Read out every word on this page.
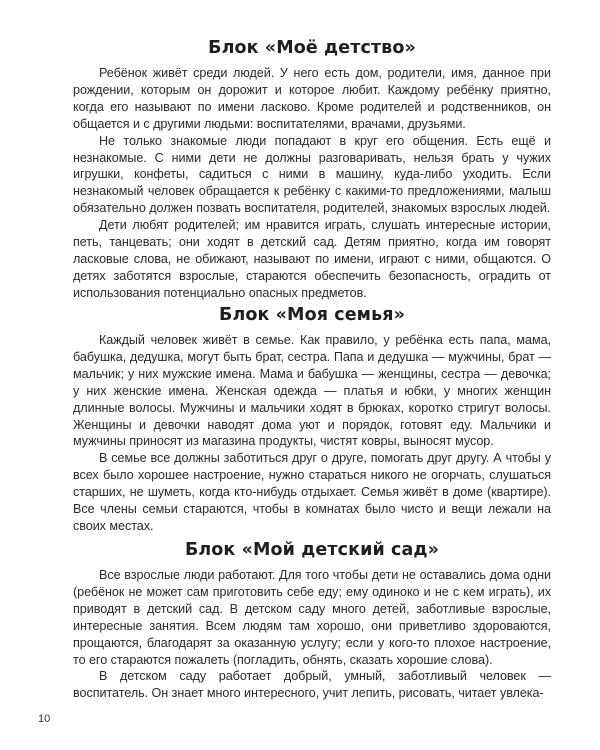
Блок «Моё детство»

Ребёнок живёт среди людей. У него есть дом, родители, имя, данное при рождении, которым он дорожит и которое любит. Каждому ребёнку приятно, когда его называют по имени ласково. Кроме родителей и родственников, он общается и с другими людьми: воспитателями, врачами, друзьями.

Не только знакомые люди попадают в круг его общения. Есть ещё и незнакомые. С ними дети не должны разговаривать, нельзя брать у чужих игрушки, конфеты, садиться с ними в машину, куда-либо уходить. Если незнакомый человек обращается к ребёнку с какими-то предложениями, малыш обязательно должен позвать воспитателя, родителей, знакомых взрослых людей.

Дети любят родителей; им нравится играть, слушать интересные истории, петь, танцевать; они ходят в детский сад. Детям приятно, когда им говорят ласковые слова, не обижают, называют по имени, играют с ними, общаются. О детях заботятся взрослые, стараются обеспечить безопасность, оградить от использования потенциально опасных предметов.

Блок «Моя семья»

Каждый человек живёт в семье. Как правило, у ребёнка есть папа, мама, бабушка, дедушка, могут быть брат, сестра. Папа и дедушка — мужчины, брат — мальчик; у них мужские имена. Мама и бабушка — женщины, сестра — девочка; у них женские имена. Женская одежда — платья и юбки, у многих женщин длинные волосы. Мужчины и мальчики ходят в брюках, коротко стригут волосы. Женщины и девочки наводят дома уют и порядок, готовят еду. Мальчики и мужчины приносят из магазина продукты, чистят ковры, выносят мусор.

В семье все должны заботиться друг о друге, помогать друг другу. А чтобы у всех было хорошее настроение, нужно стараться никого не огорчать, слушаться старших, не шуметь, когда кто-нибудь отдыхает. Семья живёт в доме (квартире). Все члены семьи стараются, чтобы в комнатах было чисто и вещи лежали на своих местах.

Блок «Мой детский сад»

Все взрослые люди работают. Для того чтобы дети не оставались дома одни (ребёнок не может сам приготовить себе еду; ему одиноко и не с кем играть), их приводят в детский сад. В детском саду много детей, заботливые взрослые, интересные занятия. Всем людям там хорошо, они приветливо здороваются, прощаются, благодарят за оказанную услугу; если у кого-то плохое настроение, то его стараются пожалеть (погладить, обнять, сказать хорошие слова).

В детском саду работает добрый, умный, заботливый человек — воспитатель. Он знает много интересного, учит лепить, рисовать, читает увлека-

10
